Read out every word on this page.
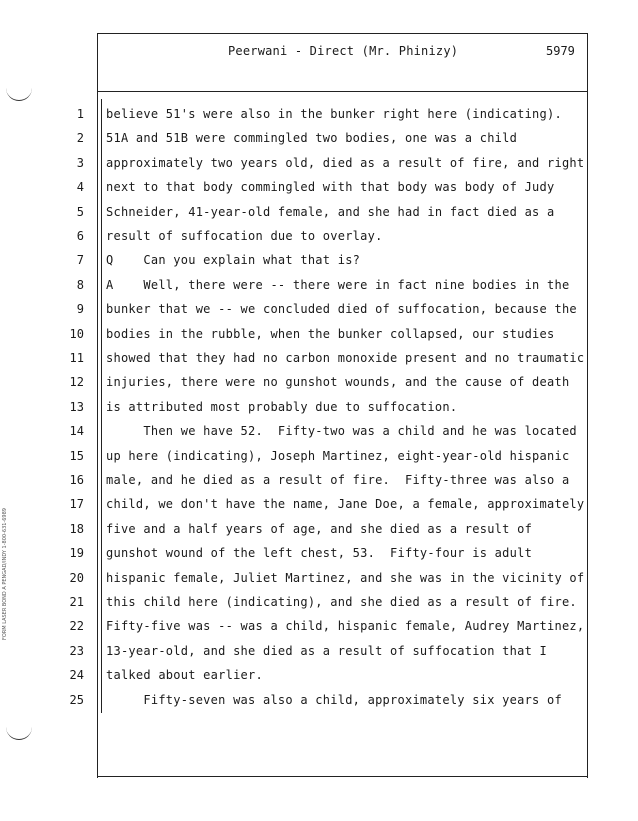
Peerwani - Direct (Mr. Phinizy)	5979
FORM LASER BOND A PENGAD/INDY 1-800-631-6989
1 believe 51's were also in the bunker right here (indicating).
2 51A and 51B were commingled two bodies, one was a child
3 approximately two years old, died as a result of fire, and right
4 next to that body commingled with that body was body of Judy
5 Schneider, 41-year-old female, and she had in fact died as a
6 result of suffocation due to overlay.
7 Q    Can you explain what that is?
8 A    Well, there were -- there were in fact nine bodies in the
9 bunker that we -- we concluded died of suffocation, because the
10 bodies in the rubble, when the bunker collapsed, our studies
11 showed that they had no carbon monoxide present and no traumatic
12 injuries, there were no gunshot wounds, and the cause of death
13 is attributed most probably due to suffocation.
14 Then we have 52.  Fifty-two was a child and he was located
15 up here (indicating), Joseph Martinez, eight-year-old hispanic
16 male, and he died as a result of fire.  Fifty-three was also a
17 child, we don't have the name, Jane Doe, a female, approximately
18 five and a half years of age, and she died as a result of
19 gunshot wound of the left chest, 53.  Fifty-four is adult
20 hispanic female, Juliet Martinez, and she was in the vicinity of
21 this child here (indicating), and she died as a result of fire.
22 Fifty-five was -- was a child, hispanic female, Audrey Martinez,
23 13-year-old, and she died as a result of suffocation that I
24 talked about earlier.
25 Fifty-seven was also a child, approximately six years of
